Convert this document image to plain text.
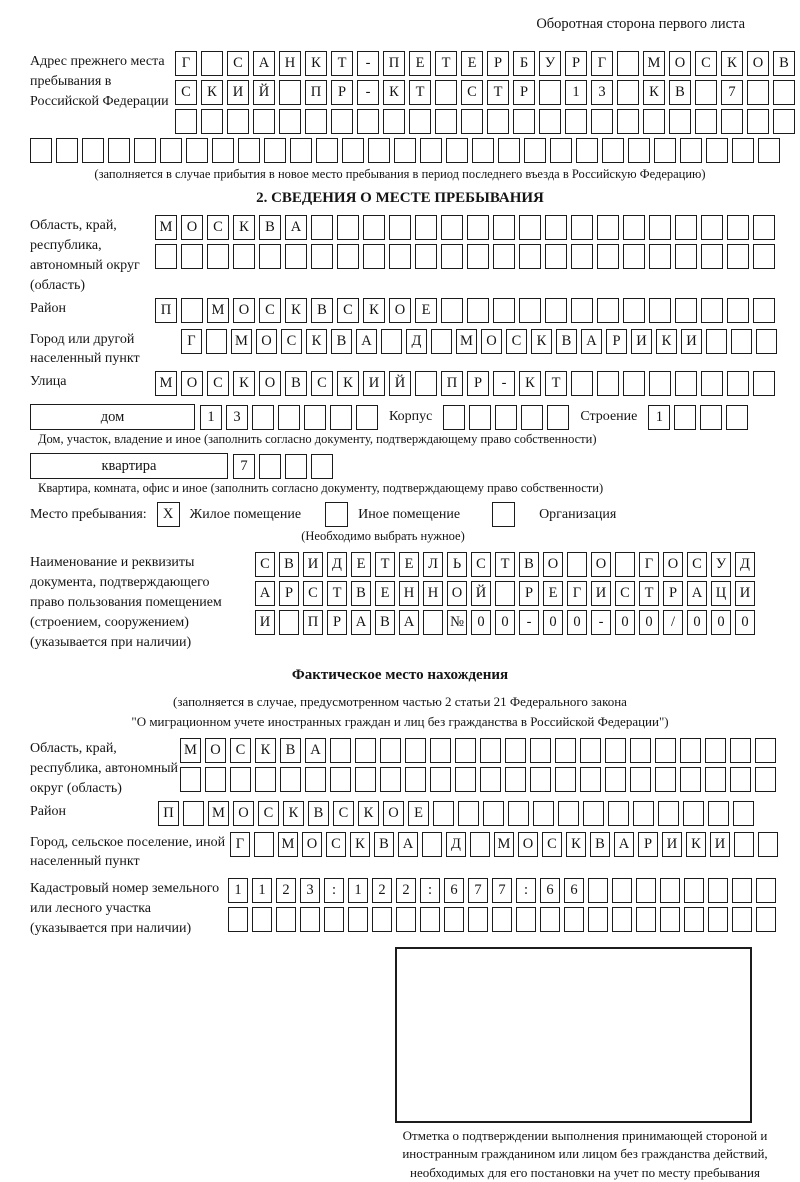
Оборотная сторона первого листа
Адрес прежнего места пребывания в Российской Федерации
Г
	С	А	Н	К	Т	-	П	Е	Т	Е	Р	Б	У	Р	Г
	М О	С	К	О	В
С	К	И	Й
	П	Р	-	К	Т
	С	Т	Р
	1	3
	К	В
	7

(заполняется в случае прибытия в новое место пребывания в период последнего въезда в Российскую Федерацию)
2. СВЕДЕНИЯ О МЕСТЕ ПРЕБЫВАНИЯ
Область, край, республика, автономный округ (область)
М О	С	К	В	А

Район	П
	М О	С	К	В	С	К	О	Е

Город или другой населенный пункт
Г
	М О	С	К	В	А
	Д
	М О	С	К	В	А	Р	И	К	И

Улица	М О	С	К	О	В	С	К	И	Й
	П	Р	-	К	Т

дом	1	3

	Корпус

	Строение	1

Дом, участок, владение и иное (заполнить согласно документу, подтверждающему право собственности)
квартира	7

Квартира, комната, офис и иное (заполнить согласно документу, подтверждающему право собственности)
Место пребывания:	X	Жилое помещение	Иное помещение	Организация
(Необходимо выбрать нужное)
Наименование и реквизиты документа, подтверждающего право пользования помещением (строением, сооружением) (указывается при наличии)
С В И Д	Е	Т	Е	Л	Ь	С	Т	В О
	О
	Г	О С У Д
А	Р	С	Т	В	Е Н Н О Й
	Р	Е	Г	И С	Т	Р	А Ц И
И
	П	Р	А В А
	№ 0	0	-	0	0	-	0	0	/	0	0	0
Фактическое место нахождения
(заполняется в случае, предусмотренном частью 2 статьи 21 Федерального закона
"О миграционном учете иностранных граждан и лиц без гражданства в Российской Федерации")
Область, край, республика, автономный округ (область)
М О	С	К	В	А

Район	П
	М О	С	К	В	С	К	О	Е

Город, сельское поселение, иной населенный пункт
Г
	М О С К В А
	Д
	М О С К В А	Р	И К И

Кадастровый номер земельного или лесного участка (указывается при наличии)
1	1	2	3	:	1	2	2	:	6	7	7	:	6	6

Отметка о подтверждении выполнения принимающей стороной и иностранным гражданином или лицом без гражданства действий, необходимых для его постановки на учет по месту пребывания
